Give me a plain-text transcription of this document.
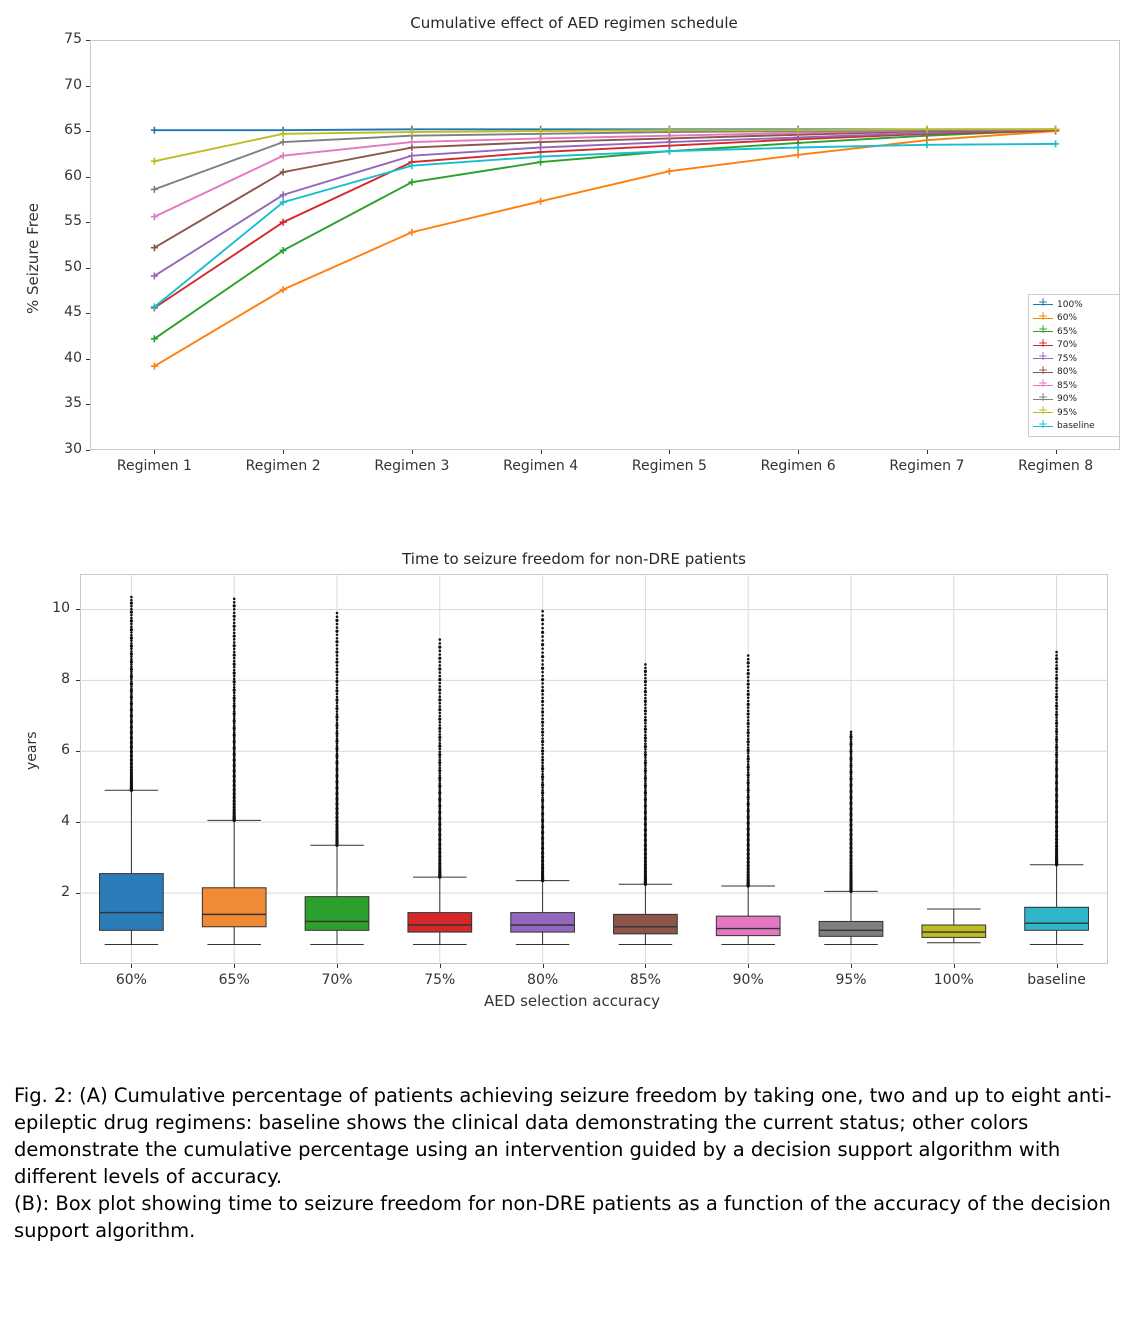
Cumulative effect of AED regimen schedule
% Seizure Free
30
35
40
45
50
55
60
65
70
75
Regimen 1	Regimen 2	Regimen 3	Regimen 4	Regimen 5	Regimen 6	Regimen 7	Regimen 8
+
100%
+
60%
+
65%
+
70%
+
75%
+
80%
+
85%
+
90%
+
95%
+
baseline
Time to seizure freedom for non-DRE patients
years
2
4
6
8
10
60%	65%	70%	75%	80%	85%	90%	95%	100%	baseline
AED selection accuracy

Fig. 2: (A) Cumulative percentage of patients achieving seizure freedom by taking one, two and up to eight anti-epileptic drug regimens: baseline shows the clinical data demonstrating the current status; other colors demonstrate the cumulative percentage using an intervention guided by a decision support algorithm with different levels of accuracy.

(B): Box plot showing time to seizure freedom for non-DRE patients as a function of the accuracy of the decision support algorithm.
